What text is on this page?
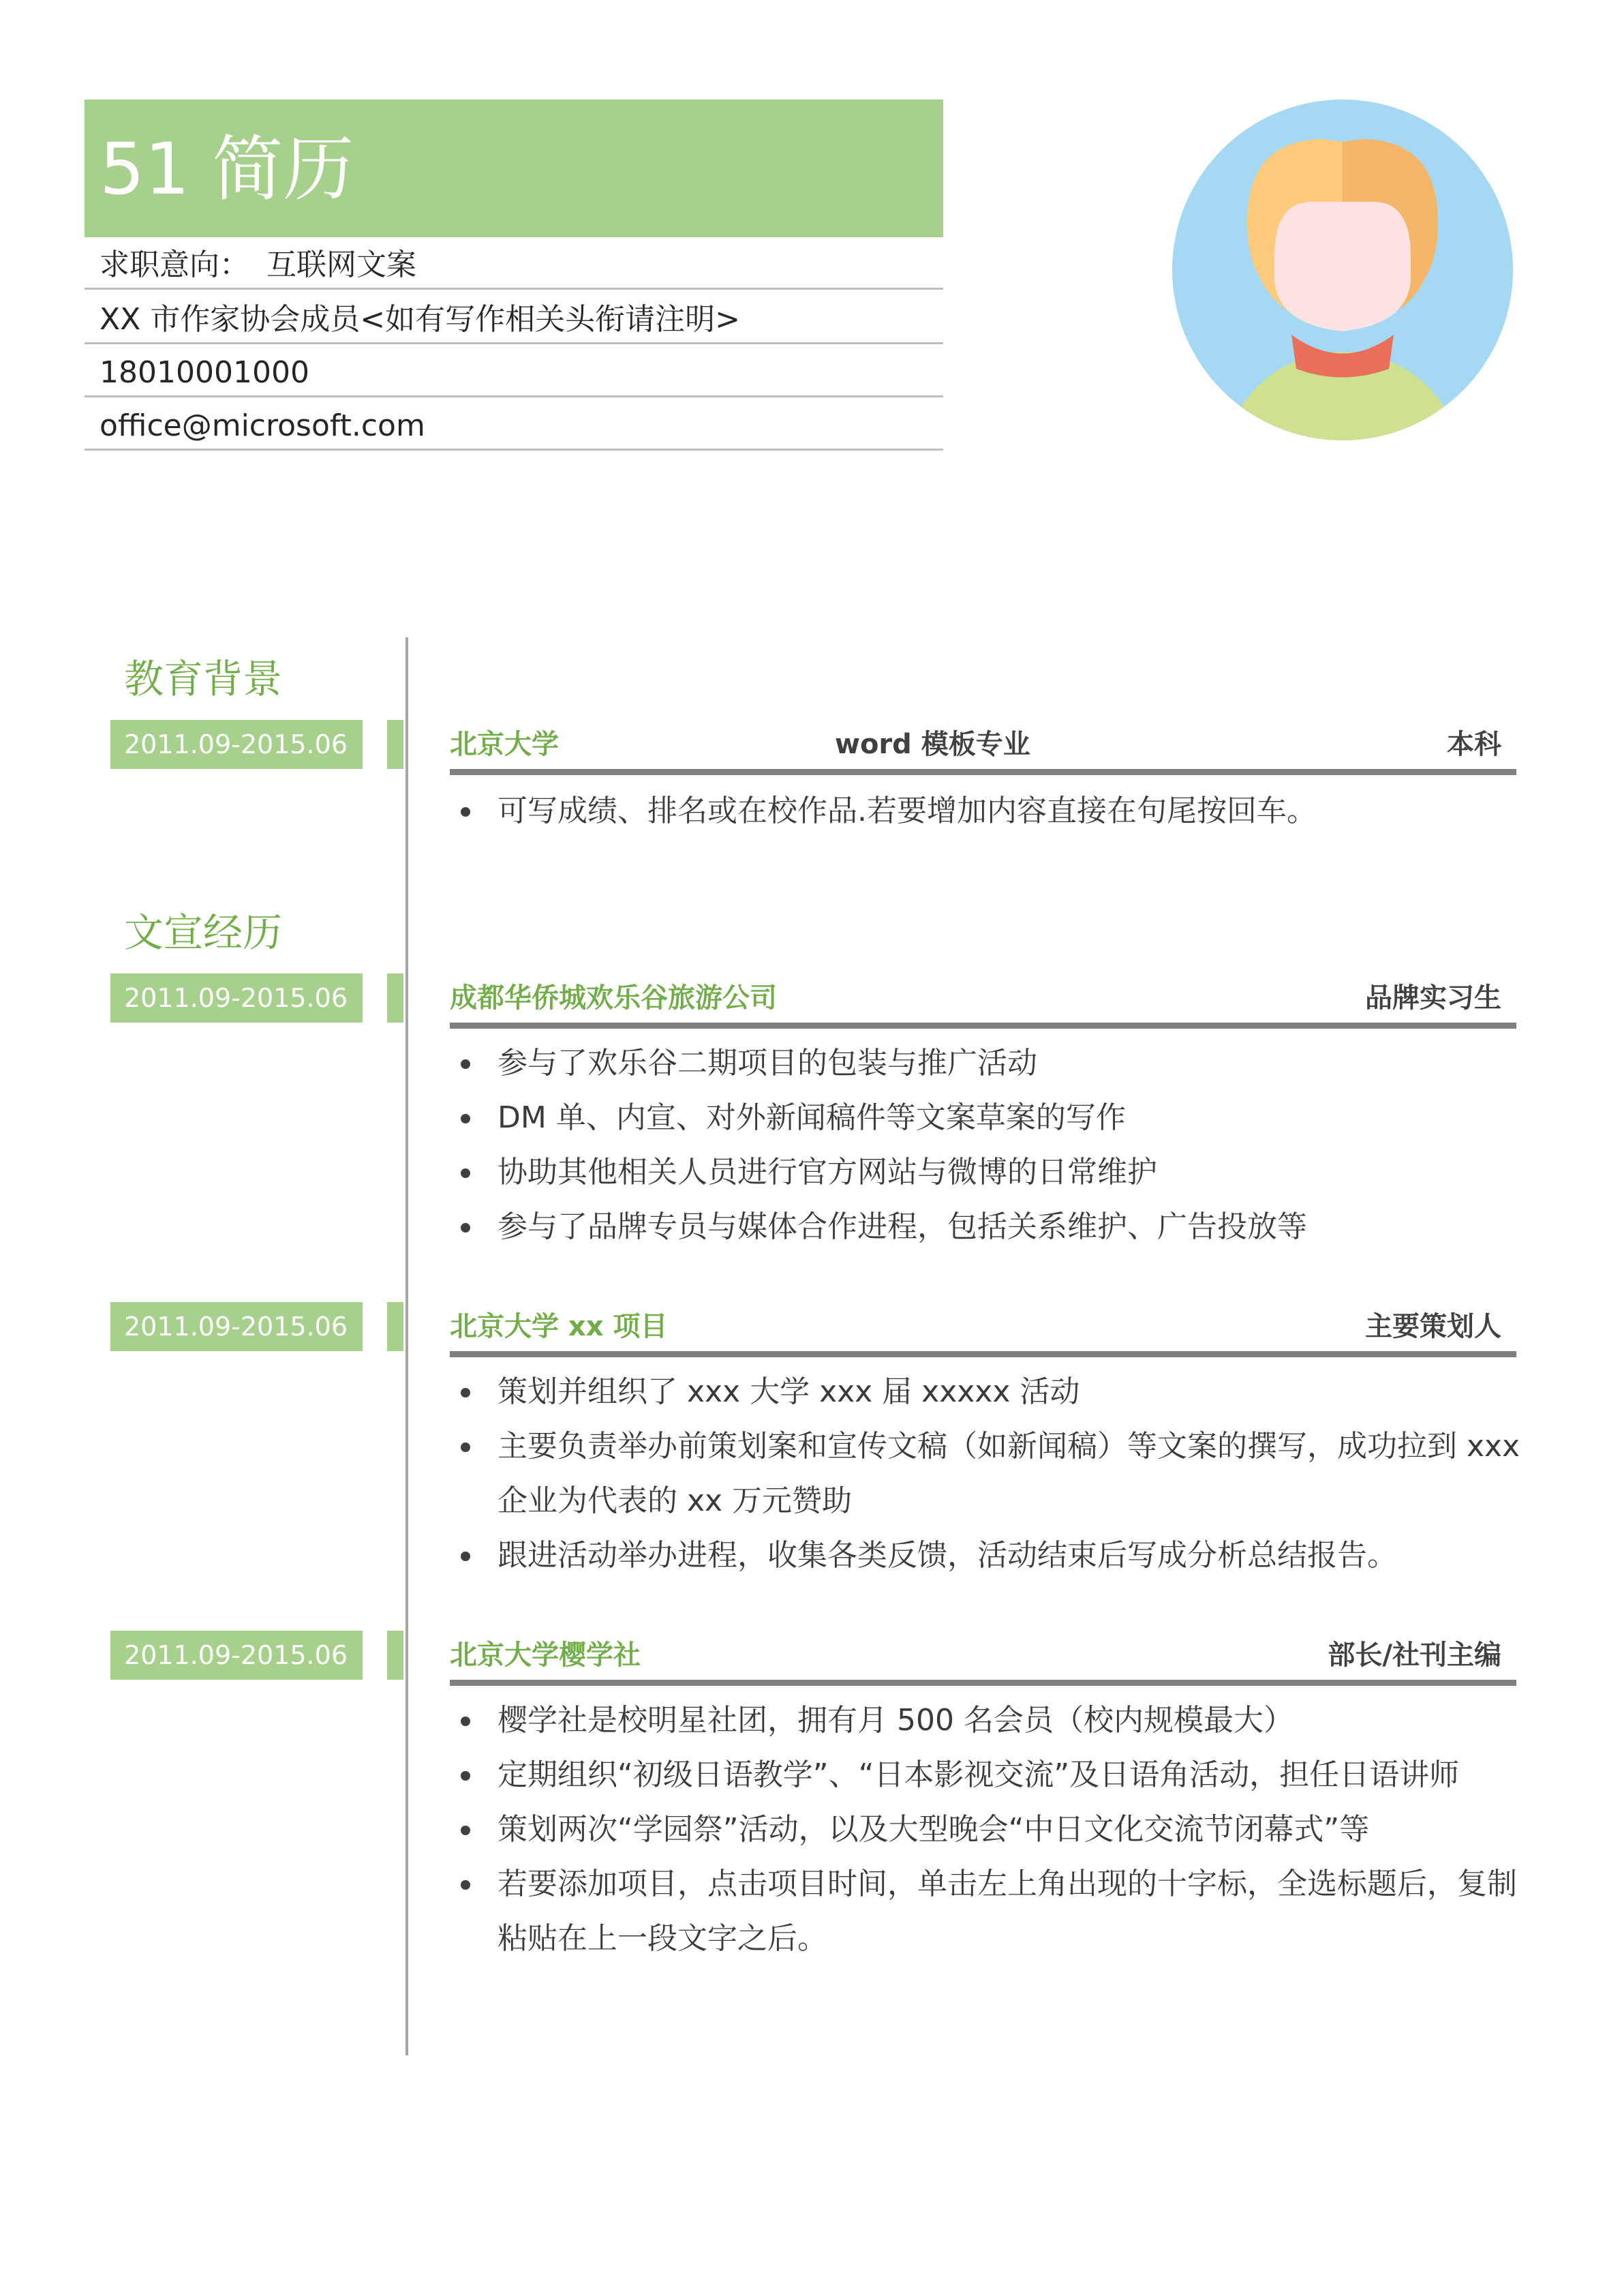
51 简历
求职意向： 互联网文案
XX 市作家协会成员<如有写作相关头衔请注明>
18010001000
office@microsoft.com
教育背景
2011.09-2015.06	北京大学	word 模板专业	本科
可写成绩、排名或在校作品.若要增加内容直接在句尾按回车。
文宣经历
2011.09-2015.06	成都华侨城欢乐谷旅游公司	品牌实习生
参与了欢乐谷二期项目的包装与推广活动
DM 单、内宣、对外新闻稿件等文案草案的写作
协助其他相关人员进行官方网站与微博的日常维护
参与了品牌专员与媒体合作进程，包括关系维护、广告投放等
2011.09-2015.06	北京大学 xx 项目	主要策划人
策划并组织了 xxx 大学 xxx 届 xxxxx 活动
主要负责举办前策划案和宣传文稿（如新闻稿）等文案的撰写，成功拉到 xxx
企业为代表的 xx 万元赞助
跟进活动举办进程，收集各类反馈，活动结束后写成分析总结报告。
2011.09-2015.06	北京大学樱学社	部长/社刊主编
樱学社是校明星社团，拥有月 500 名会员（校内规模最大）
定期组织“初级日语教学”、“日本影视交流”及日语角活动，担任日语讲师
策划两次“学园祭”活动，以及大型晚会“中日文化交流节闭幕式”等
若要添加项目，点击项目时间，单击左上角出现的十字标，全选标题后，复制
粘贴在上一段文字之后。
